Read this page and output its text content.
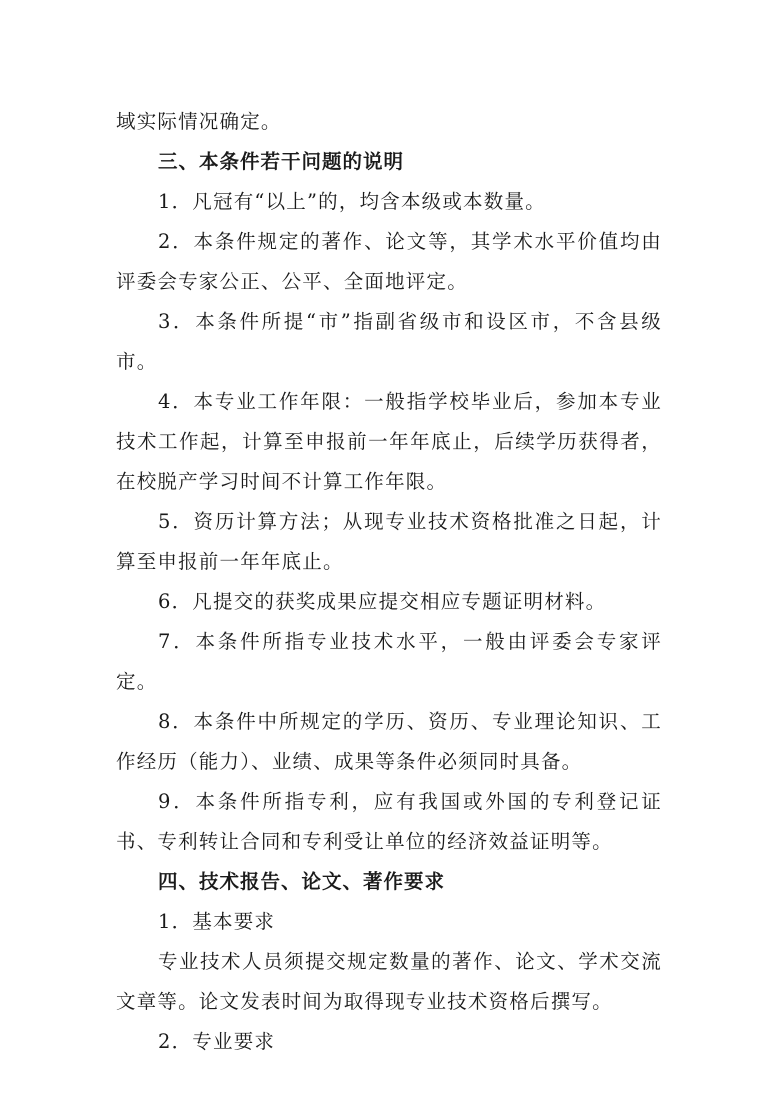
域实际情况确定。

三、本条件若干问题的说明

1．凡冠有“以上”的，均含本级或本数量。

2．本条件规定的著作、论文等，其学术水平价值均由评委会专家公正、公平、全面地评定。

3．本条件所提“市”指副省级市和设区市，不含县级市。

4．本专业工作年限：一般指学校毕业后，参加本专业技术工作起，计算至申报前一年年底止，后续学历获得者，在校脱产学习时间不计算工作年限。

5．资历计算方法；从现专业技术资格批准之日起，计算至申报前一年年底止。

6．凡提交的获奖成果应提交相应专题证明材料。

7．本条件所指专业技术水平，一般由评委会专家评定。

8．本条件中所规定的学历、资历、专业理论知识、工作经历（能力）、业绩、成果等条件必须同时具备。

9．本条件所指专利，应有我国或外国的专利登记证书、专利转让合同和专利受让单位的经济效益证明等。

四、技术报告、论文、著作要求

1．基本要求

专业技术人员须提交规定数量的著作、论文、学术交流文章等。论文发表时间为取得现专业技术资格后撰写。

2．专业要求
